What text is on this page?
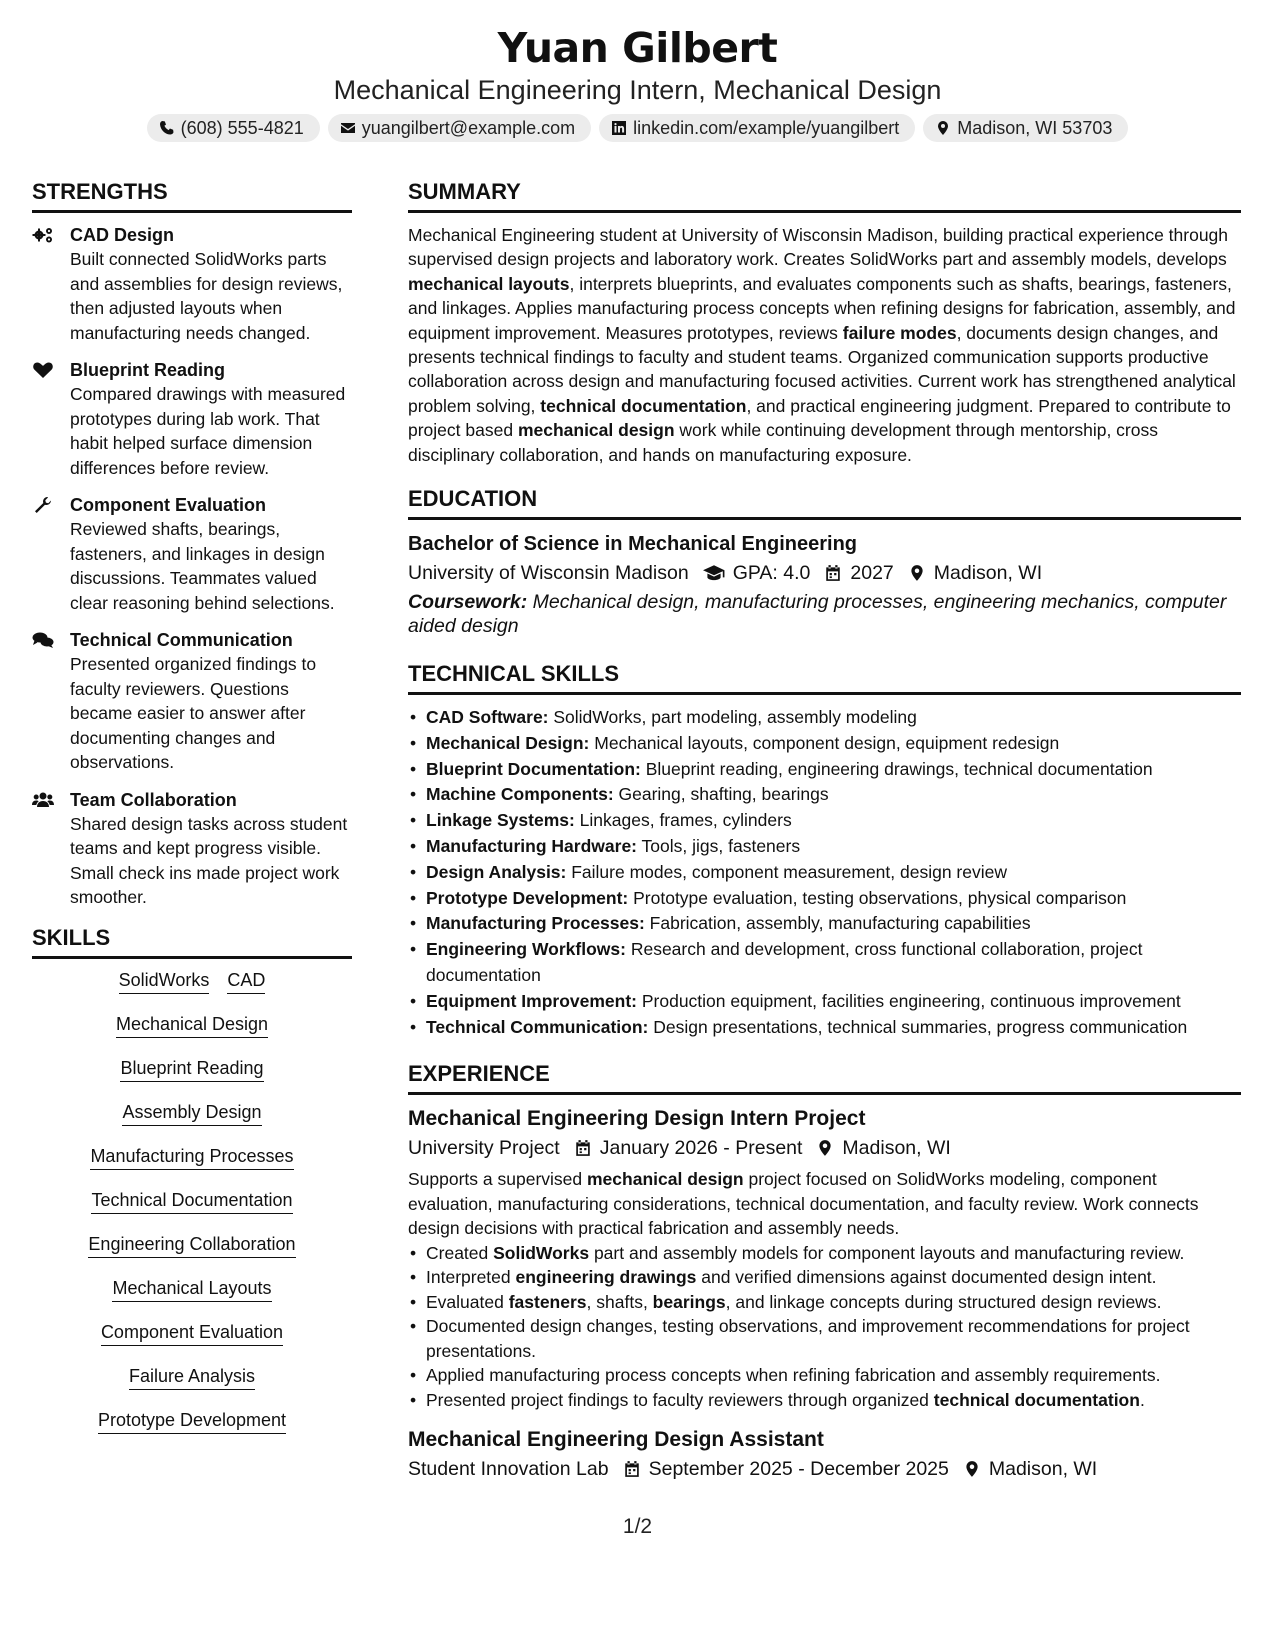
Yuan Gilbert
Mechanical Engineering Intern, Mechanical Design
(608) 555-4821	yuangilbert@example.com	linkedin.com/example/yuangilbert	Madison, WI 53703
STRENGTHS
CAD Design
Built connected SolidWorks parts and assemblies for design reviews, then adjusted layouts when manufacturing needs changed.
Blueprint Reading
Compared drawings with measured prototypes during lab work. That habit helped surface dimension differences before review.
Component Evaluation
Reviewed shafts, bearings, fasteners, and linkages in design discussions. Teammates valued clear reasoning behind selections.
Technical Communication
Presented organized findings to faculty reviewers. Questions became easier to answer after documenting changes and observations.
Team Collaboration
Shared design tasks across student teams and kept progress visible. Small check ins made project work smoother.
SKILLS
SolidWorks CAD
Mechanical Design
Blueprint Reading
Assembly Design
Manufacturing Processes
Technical Documentation
Engineering Collaboration
Mechanical Layouts
Component Evaluation
Failure Analysis
Prototype Development
SUMMARY

Mechanical Engineering student at University of Wisconsin Madison, building practical experience through supervised design projects and laboratory work. Creates SolidWorks part and assembly models, develops mechanical layouts, interprets blueprints, and evaluates components such as shafts, bearings, fasteners, and linkages. Applies manufacturing process concepts when refining designs for fabrication, assembly, and equipment improvement. Measures prototypes, reviews failure modes, documents design changes, and presents technical findings to faculty and student teams. Organized communication supports productive collaboration across design and manufacturing focused activities. Current work has strengthened analytical problem solving, technical documentation, and practical engineering judgment. Prepared to contribute to project based mechanical design work while continuing development through mentorship, cross disciplinary collaboration, and hands on manufacturing exposure.

EDUCATION
Bachelor of Science in Mechanical Engineering
University of Wisconsin Madison GPA: 4.0 2027 Madison, WI
Coursework: Mechanical design, manufacturing processes, engineering mechanics, computer aided design
TECHNICAL SKILLS
• CAD Software: SolidWorks, part modeling, assembly modeling
• Mechanical Design: Mechanical layouts, component design, equipment redesign
• Blueprint Documentation: Blueprint reading, engineering drawings, technical documentation
• Machine Components: Gearing, shafting, bearings
• Linkage Systems: Linkages, frames, cylinders
• Manufacturing Hardware: Tools, jigs, fasteners
• Design Analysis: Failure modes, component measurement, design review
• Prototype Development: Prototype evaluation, testing observations, physical comparison
• Manufacturing Processes: Fabrication, assembly, manufacturing capabilities
• Engineering Workflows: Research and development, cross functional collaboration, project documentation
• Equipment Improvement: Production equipment, facilities engineering, continuous improvement
• Technical Communication: Design presentations, technical summaries, progress communication
EXPERIENCE
Mechanical Engineering Design Intern Project
University Project January 2026 - Present Madison, WI

Supports a supervised mechanical design project focused on SolidWorks modeling, component evaluation, manufacturing considerations, technical documentation, and faculty review. Work connects design decisions with practical fabrication and assembly needs.

• Created SolidWorks part and assembly models for component layouts and manufacturing review.
• Interpreted engineering drawings and verified dimensions against documented design intent.
• Evaluated fasteners, shafts, bearings, and linkage concepts during structured design reviews.
• Documented design changes, testing observations, and improvement recommendations for project presentations.
• Applied manufacturing process concepts when refining fabrication and assembly requirements.
• Presented project findings to faculty reviewers through organized technical documentation.
Mechanical Engineering Design Assistant
Student Innovation Lab September 2025 - December 2025 Madison, WI
1/2
